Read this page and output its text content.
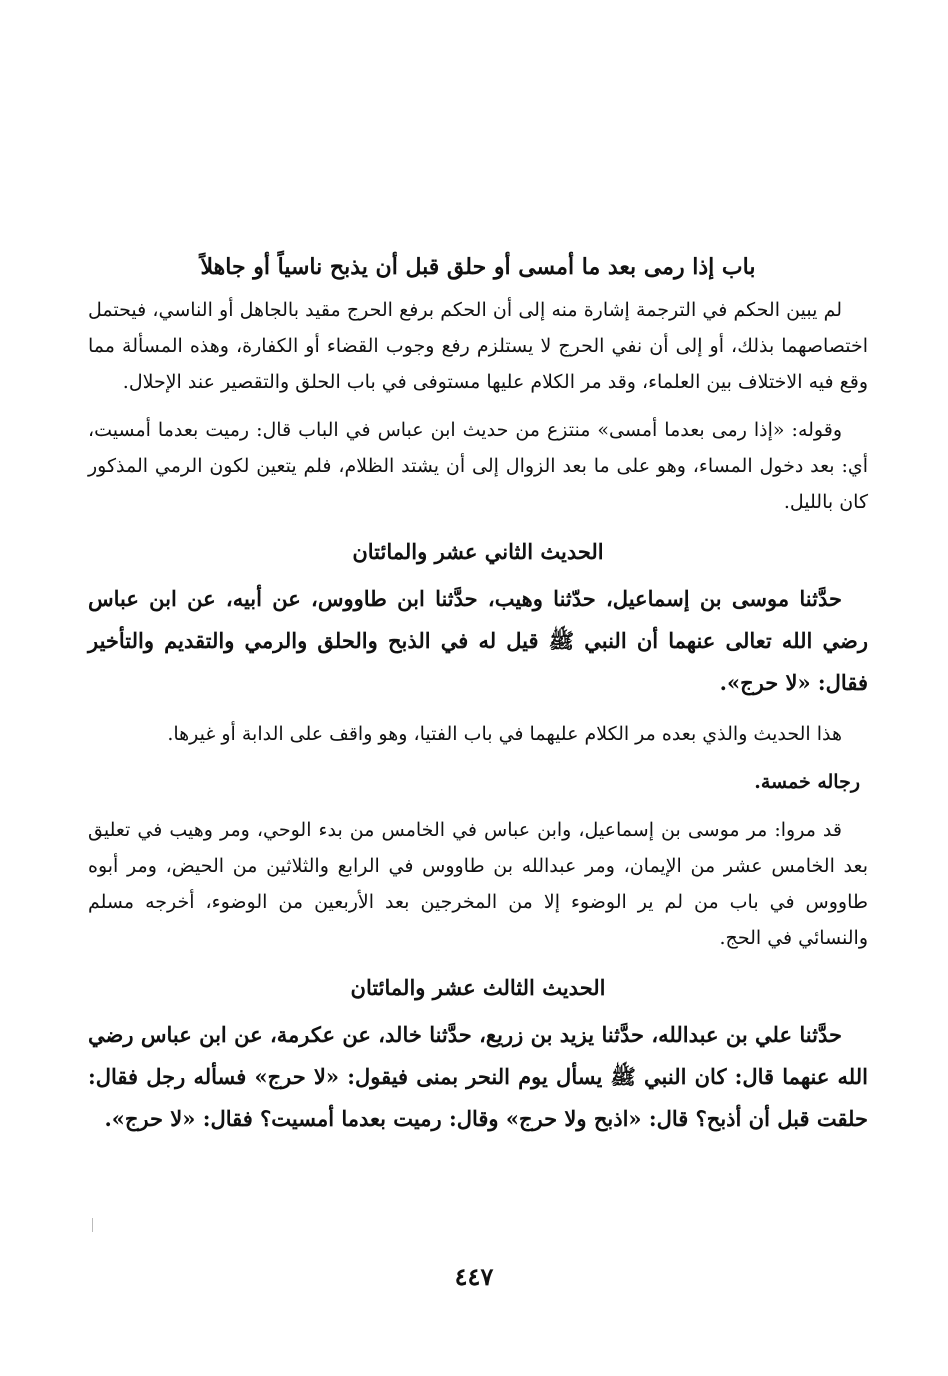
باب إذا رمى بعد ما أمسى أو حلق قبل أن يذبح ناسياً أو جاهلاً

لم يبين الحكم في الترجمة إشارة منه إلى أن الحكم برفع الحرج مقيد بالجاهل أو الناسي، فيحتمل اختصاصهما بذلك، أو إلى أن نفي الحرج لا يستلزم رفع وجوب القضاء أو الكفارة، وهذه المسألة مما وقع فيه الاختلاف بين العلماء، وقد مر الكلام عليها مستوفى في باب الحلق والتقصير عند الإحلال.

وقوله: «إذا رمى بعدما أمسى» منتزع من حديث ابن عباس في الباب قال: رميت بعدما أمسيت، أي: بعد دخول المساء، وهو على ما بعد الزوال إلى أن يشتد الظلام، فلم يتعين لكون الرمي المذكور كان بالليل.

الحديث الثاني عشر والمائتان

حدَّثنا موسى بن إسماعيل، حدّثنا وهيب، حدَّثنا ابن طاووس، عن أبيه، عن ابن عباس رضي الله تعالى عنهما أن النبي ﷺ قيل له في الذبح والحلق والرمي والتقديم والتأخير فقال: «لا حرج».

هذا الحديث والذي بعده مر الكلام عليهما في باب الفتيا، وهو واقف على الدابة أو غيرها.

رجاله خمسة.

قد مروا: مر موسى بن إسماعيل، وابن عباس في الخامس من بدء الوحي، ومر وهيب في تعليق بعد الخامس عشر من الإيمان، ومر عبدالله بن طاووس في الرابع والثلاثين من الحيض، ومر أبوه طاووس في باب من لم ير الوضوء إلا من المخرجين بعد الأربعين من الوضوء، أخرجه مسلم والنسائي في الحج.

الحديث الثالث عشر والمائتان

حدَّثنا علي بن عبدالله، حدَّثنا يزيد بن زريع، حدَّثنا خالد، عن عكرمة، عن ابن عباس رضي الله عنهما قال: كان النبي ﷺ يسأل يوم النحر بمنى فيقول: «لا حرج» فسأله رجل فقال: حلقت قبل أن أذبح؟ قال: «اذبح ولا حرج» وقال: رميت بعدما أمسيت؟ فقال: «لا حرج».

٤٤٧
